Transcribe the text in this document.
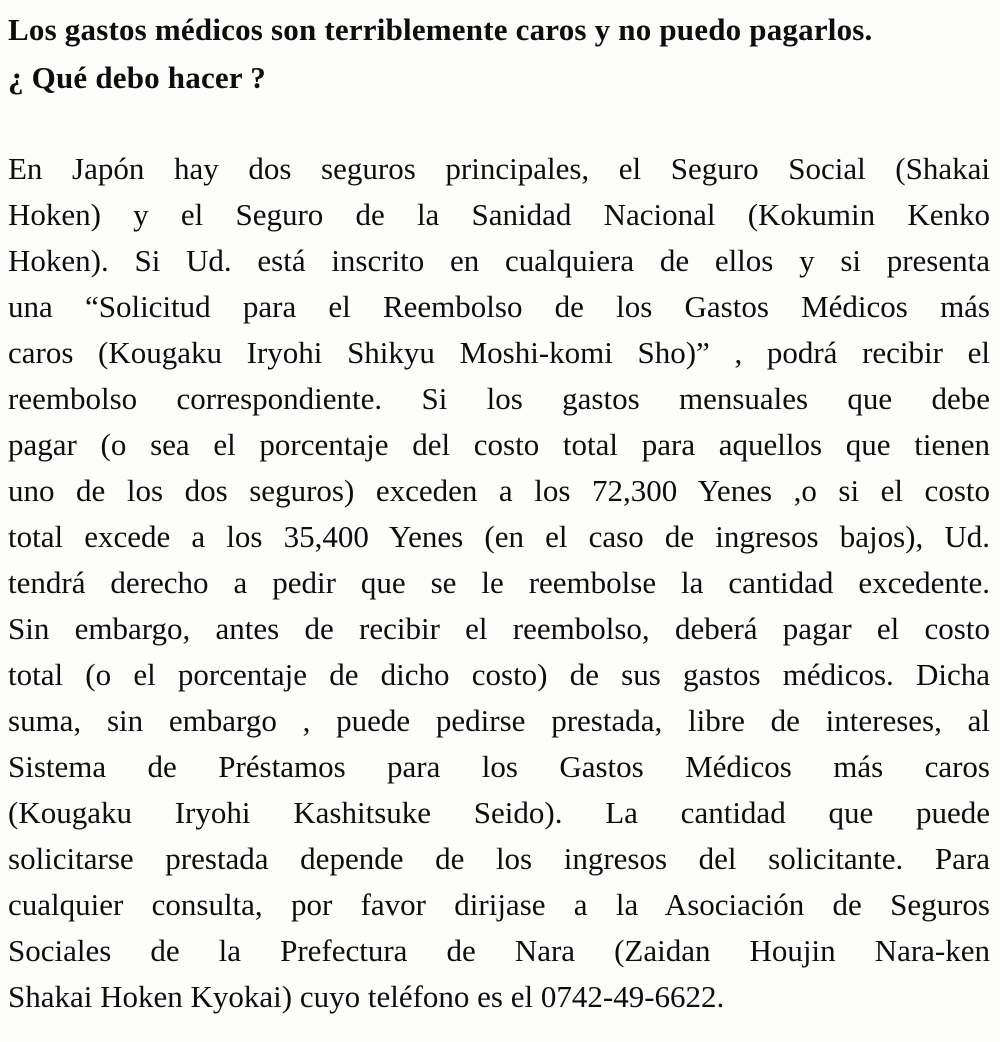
Los gastos médicos son terriblemente caros y no puedo pagarlos.
¿ Qué debo hacer ?
En Japón hay dos seguros principales, el Seguro Social (Shakai
Hoken) y el Seguro de la Sanidad Nacional (Kokumin Kenko
Hoken). Si Ud. está inscrito en cualquiera de ellos y si presenta
una “Solicitud para el Reembolso de los Gastos Médicos más
caros (Kougaku Iryohi Shikyu Moshi-komi Sho)” , podrá recibir el
reembolso correspondiente. Si los gastos mensuales que debe
pagar (o sea el porcentaje del costo total para aquellos que tienen
uno de los dos seguros) exceden a los 72,300 Yenes ,o si el costo
total excede a los 35,400 Yenes (en el caso de ingresos bajos), Ud.
tendrá derecho a pedir que se le reembolse la cantidad excedente.
Sin embargo, antes de recibir el reembolso, deberá pagar el costo
total (o el porcentaje de dicho costo) de sus gastos médicos. Dicha
suma, sin embargo , puede pedirse prestada, libre de intereses, al
Sistema de Préstamos para los Gastos Médicos más caros
(Kougaku Iryohi Kashitsuke Seido). La cantidad que puede
solicitarse prestada depende de los ingresos del solicitante. Para
cualquier consulta, por favor dirijase a la Asociación de Seguros
Sociales de la Prefectura de Nara (Zaidan Houjin Nara-ken
Shakai Hoken Kyokai) cuyo teléfono es el 0742-49-6622.
